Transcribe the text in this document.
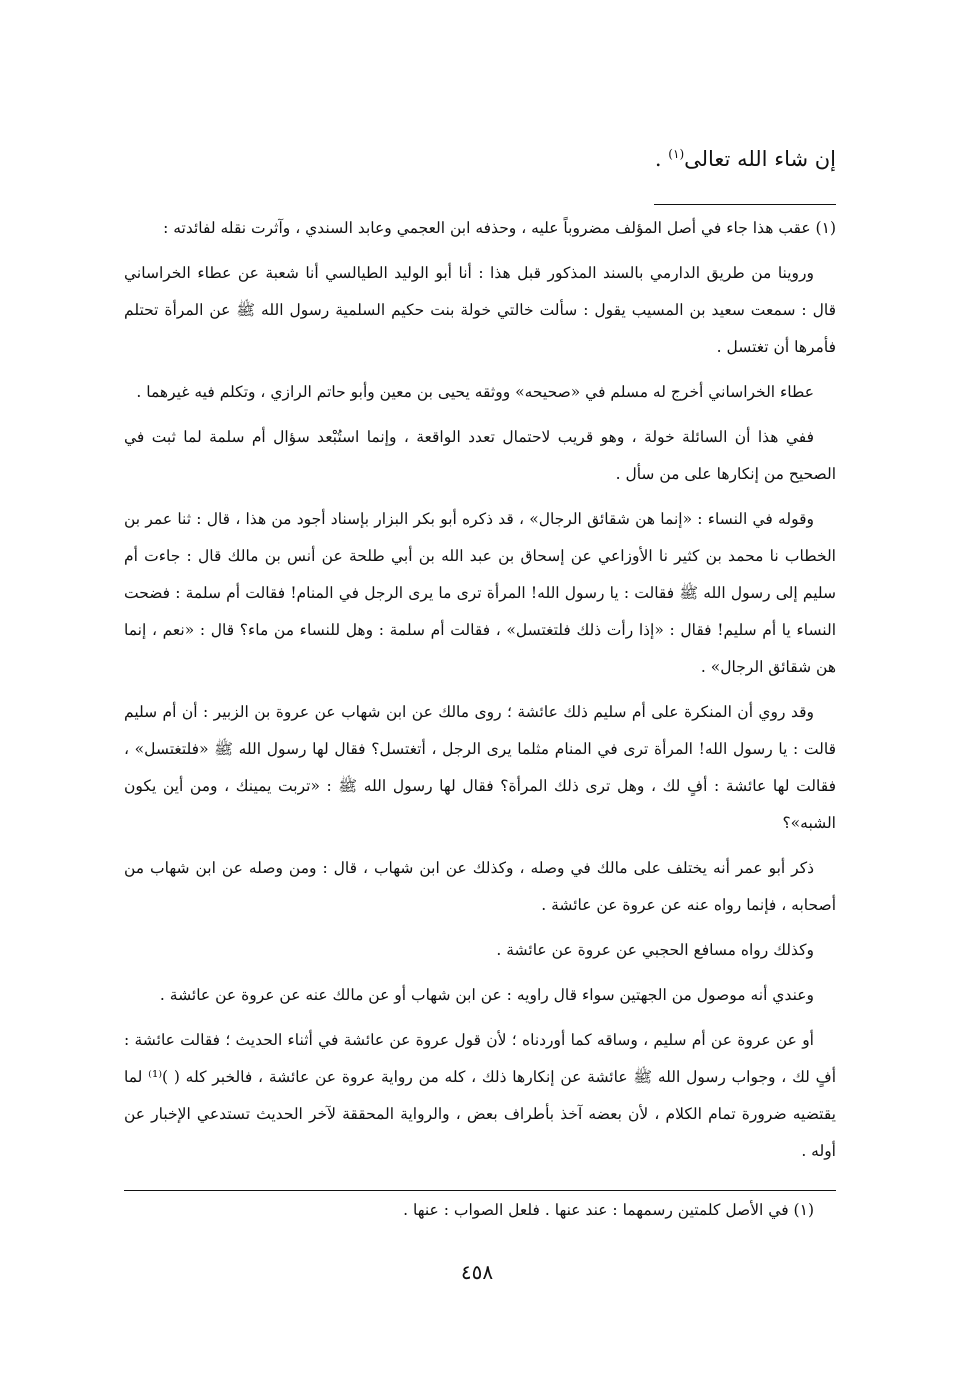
إن شاء الله تعالى$^{(١)}$ .

(١) عقب هذا جاء في أصل المؤلف مضروباً عليه ، وحذفه ابن العجمي وعابد السندي ، وآثرت نقله لفائدته :

وروينا من طريق الدارمي بالسند المذكور قبل هذا : أنا أبو الوليد الطيالسي أنا شعبة عن عطاء الخراساني قال : سمعت سعيد بن المسيب يقول : سألت خالتي خولة بنت حكيم السلمية رسول الله ﷺ عن المرأة تحتلم فأمرها أن تغتسل .

عطاء الخراساني أخرج له مسلم في «صحيحه» ووثقه يحيى بن معين وأبو حاتم الرازي ، وتكلم فيه غيرهما .

ففي هذا أن السائلة خولة ، وهو قريب لاحتمال تعدد الواقعة ، وإنما استُبْعد سؤال أم سلمة لما ثبت في الصحيح من إنكارها على من سأل .

وقوله في النساء : «إنما هن شقائق الرجال» ، قد ذكره أبو بكر البزار بإسناد أجود من هذا ، قال : ثنا عمر بن الخطاب نا محمد بن كثير نا الأوزاعي عن إسحاق بن عبد الله بن أبي طلحة عن أنس بن مالك قال : جاءت أم سليم إلى رسول الله ﷺ فقالت : يا رسول الله! المرأة ترى ما يرى الرجل في المنام! فقالت أم سلمة : فضحت النساء يا أم سليم! فقال : «إذا رأت ذلك فلتغتسل» ، فقالت أم سلمة : وهل للنساء من ماء؟ قال : «نعم ، إنما هن شقائق الرجال» .

وقد روي أن المنكرة على أم سليم ذلك عائشة ؛ روى مالك عن ابن شهاب عن عروة بن الزبير : أن أم سليم قالت : يا رسول الله! المرأة ترى في المنام مثلما يرى الرجل ، أتغتسل؟ فقال لها رسول الله ﷺ «فلتغتسل» ، فقالت لها عائشة : أفٍ لك ، وهل ترى ذلك المرأة؟ فقال لها رسول الله ﷺ : «تربت يمينك ، ومن أين يكون الشبه»؟

ذكر أبو عمر أنه يختلف على مالك في وصله ، وكذلك عن ابن شهاب ، قال : ومن وصله عن ابن شهاب من أصحابه ، فإنما رواه عنه عن عروة عن عائشة .

وكذلك رواه مسافع الحجبي عن عروة عن عائشة .

وعندي أنه موصول من الجهتين سواء قال راويه : عن ابن شهاب أو عن مالك عنه عن عروة عن عائشة .

أو عن عروة عن أم سليم ، وساقه كما أوردناه ؛ لأن قول عروة عن عائشة في أثناء الحديث ؛ فقالت عائشة : أفٍ لك ، وجواب رسول الله ﷺ عائشة عن إنكارها ذلك ، كله من رواية عروة عن عائشة ، فالخبر كله ( )⁽¹⁾ لما يقتضيه ضرورة تمام الكلام ، لأن بعضه آخذ بأطراف بعض ، والرواية المحققة لآخر الحديث تستدعي الإخبار عن أوله .

(١) في الأصل كلمتين رسمهما : عند عنها . فلعل الصواب : عنها .
٤٥٨
